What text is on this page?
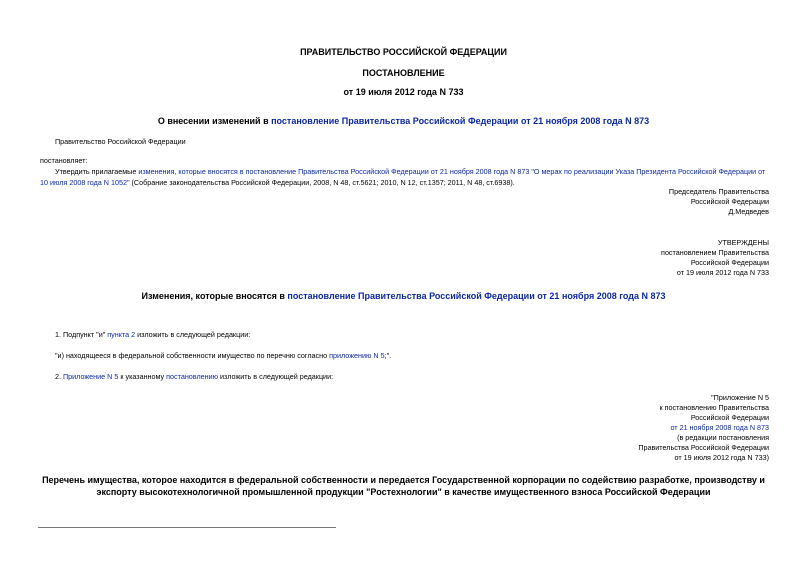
ПРАВИТЕЛЬСТВО РОССИЙСКОЙ ФЕДЕРАЦИИ
ПОСТАНОВЛЕНИЕ
от 19 июля 2012 года N 733
О внесении изменений в постановление Правительства Российской Федерации от 21 ноября 2008 года N 873
Правительство Российской Федерации
постановляет:
Утвердить прилагаемые изменения, которые вносятся в постановление Правительства Российской Федерации от 21 ноября 2008 года N 873 "О мерах по реализации Указа Президента Российской Федерации от 10 июля 2008 года N 1052" (Собрание законодательства Российской Федерации, 2008, N 48, ст.5621; 2010, N 12, ст.1357; 2011, N 48, ст.6938).
Председатель Правительства
Российской Федерации
Д.Медведев
УТВЕРЖДЕНЫ
постановлением Правительства
Российской Федерации
от 19 июля 2012 года N 733
Изменения, которые вносятся в постановление Правительства Российской Федерации от 21 ноября 2008 года N 873
1. Подпункт "и" пункта 2 изложить в следующей редакции:
"и) находящееся в федеральной собственности имущество по перечню согласно приложению N 5;".
2. Приложение N 5 к указанному постановлению изложить в следующей редакции:
"Приложение N 5
к постановлению Правительства
Российской Федерации
от 21 ноября 2008 года N 873
(в редакции постановления
Правительства Российской Федерации
от 19 июля 2012 года N 733)
Перечень имущества, которое находится в федеральной собственности и передается Государственной корпорации по содействию разработке, производству и
экспорту высокотехнологичной промышленной продукции "Ростехнологии" в качестве имущественного взноса Российской Федерации
